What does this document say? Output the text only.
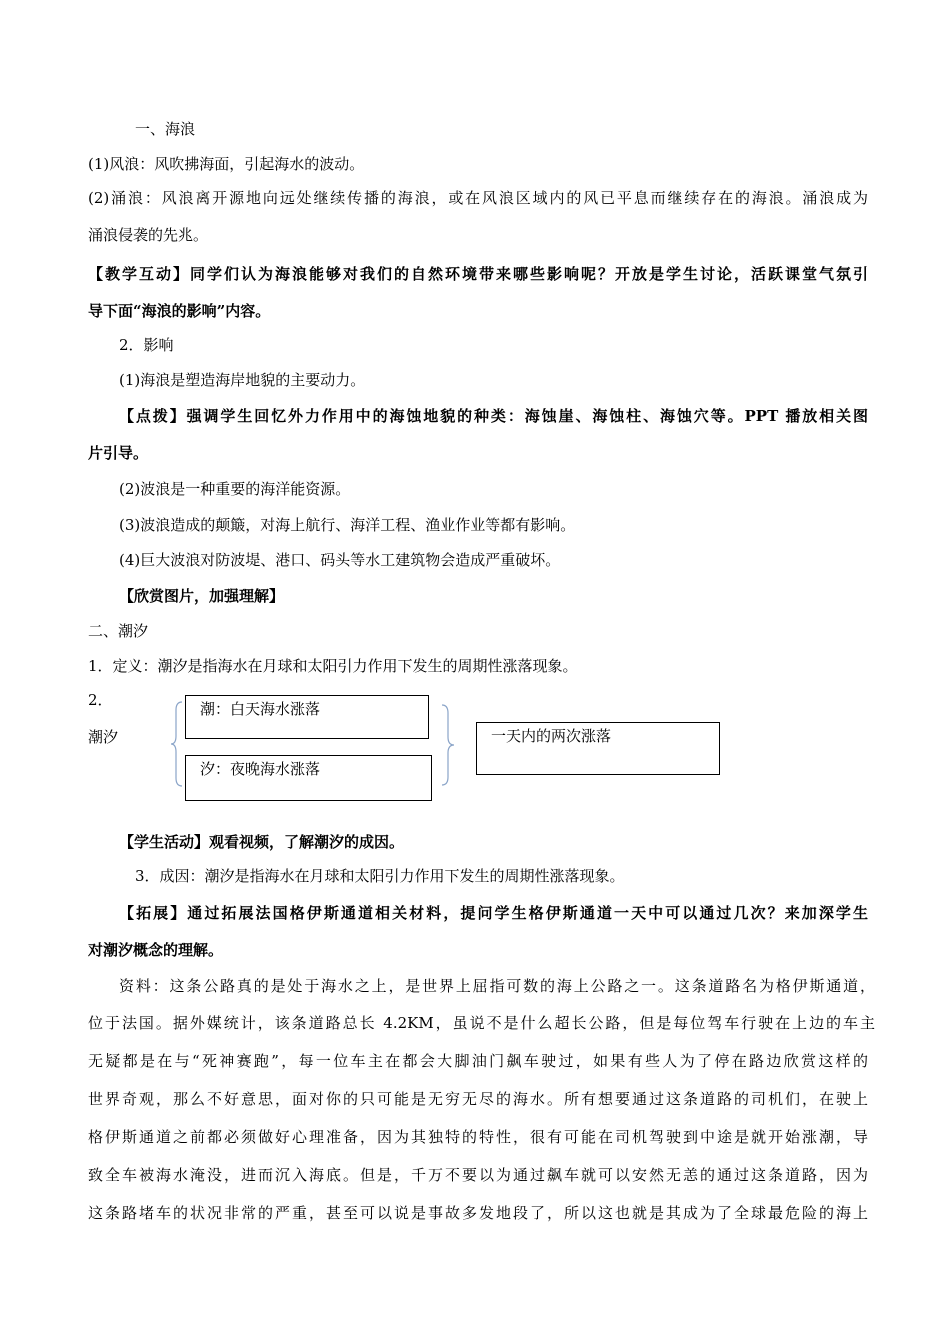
一、海浪
(1)风浪：风吹拂海面，引起海水的波动。
(2)涌浪：风浪离开源地向远处继续传播的海浪，或在风浪区域内的风已平息而继续存在的海浪。涌浪成为
涌浪侵袭的先兆。
【教学互动】同学们认为海浪能够对我们的自然环境带来哪些影响呢？开放是学生讨论，活跃课堂气氛引
导下面“海浪的影响”内容。
2．影响
(1)海浪是塑造海岸地貌的主要动力。
【点拨】强调学生回忆外力作用中的海蚀地貌的种类：海蚀崖、海蚀柱、海蚀穴等。PPT 播放相关图
片引导。
(2)波浪是一种重要的海洋能资源。
(3)波浪造成的颠簸，对海上航行、海洋工程、渔业作业等都有影响。
(4)巨大波浪对防波堤、港口、码头等水工建筑物会造成严重破坏。
【欣赏图片，加强理解】
二、潮汐
1．定义：潮汐是指海水在月球和太阳引力作用下发生的周期性涨落现象。
2．
潮汐
潮：白天海水涨落
汐：夜晚海水涨落
一天内的两次涨落
【学生活动】观看视频，了解潮汐的成因。
3．成因：潮汐是指海水在月球和太阳引力作用下发生的周期性涨落现象。
【拓展】通过拓展法国格伊斯通道相关材料，提问学生格伊斯通道一天中可以通过几次？来加深学生
对潮汐概念的理解。
资料：这条公路真的是处于海水之上，是世界上屈指可数的海上公路之一。这条道路名为格伊斯通道，
位于法国。据外媒统计，该条道路总长 4.2KM，虽说不是什么超长公路，但是每位驾车行驶在上边的车主
无疑都是在与“死神赛跑”，每一位车主在都会大脚油门飙车驶过，如果有些人为了停在路边欣赏这样的
世界奇观，那么不好意思，面对你的只可能是无穷无尽的海水。所有想要通过这条道路的司机们，在驶上
格伊斯通道之前都必须做好心理准备，因为其独特的特性，很有可能在司机驾驶到中途是就开始涨潮，导
致全车被海水淹没，进而沉入海底。但是，千万不要以为通过飙车就可以安然无恙的通过这条道路，因为
这条路堵车的状况非常的严重，甚至可以说是事故多发地段了，所以这也就是其成为了全球最危险的海上
